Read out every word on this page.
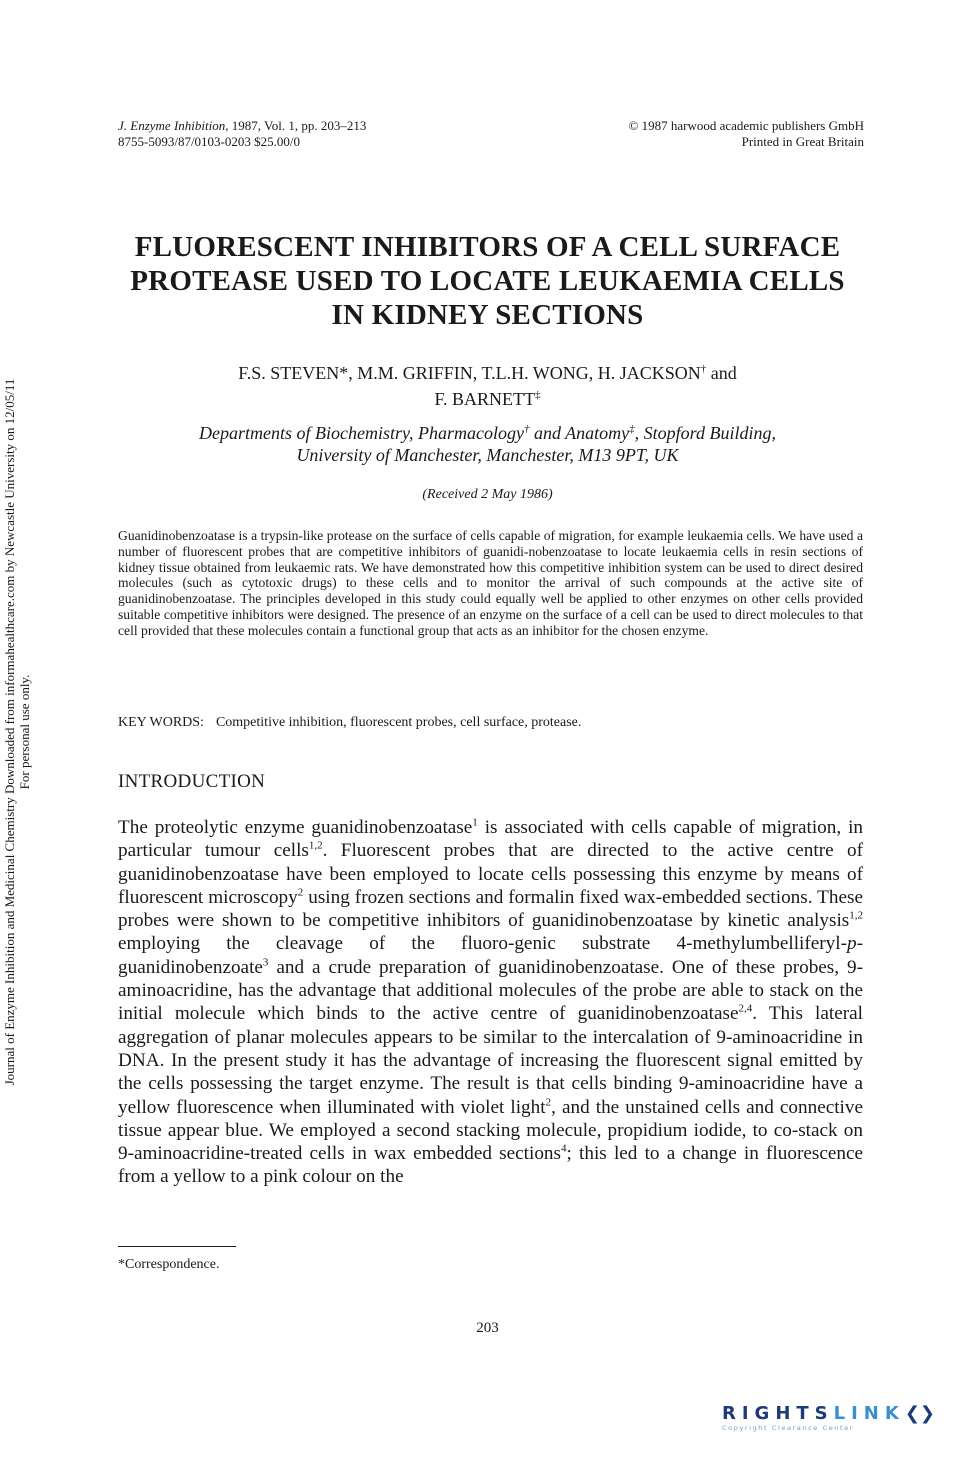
J. Enzyme Inhibition, 1987, Vol. 1, pp. 203–213
8755-5093/87/0103-0203 $25.00/0
© 1987 harwood academic publishers GmbH
Printed in Great Britain
Journal of Enzyme Inhibition and Medicinal Chemistry Downloaded from informahealthcare.com by Newcastle University on 12/05/11 For personal use only.
FLUORESCENT INHIBITORS OF A CELL SURFACE
PROTEASE USED TO LOCATE LEUKAEMIA CELLS
IN KIDNEY SECTIONS
F.S. STEVEN*, M.M. GRIFFIN, T.L.H. WONG, H. JACKSON† and
F. BARNETT‡
Departments of Biochemistry, Pharmacology† and Anatomy‡, Stopford Building,
University of Manchester, Manchester, M13 9PT, UK
(Received 2 May 1986)
Guanidinobenzoatase is a trypsin-like protease on the surface of cells capable of migration, for example leukaemia cells. We have used a number of fluorescent probes that are competitive inhibitors of guanidi-nobenzoatase to locate leukaemia cells in resin sections of kidney tissue obtained from leukaemic rats. We have demonstrated how this competitive inhibition system can be used to direct desired molecules (such as cytotoxic drugs) to these cells and to monitor the arrival of such compounds at the active site of guanidinobenzoatase. The principles developed in this study could equally well be applied to other enzymes on other cells provided suitable competitive inhibitors were designed. The presence of an enzyme on the surface of a cell can be used to direct molecules to that cell provided that these molecules contain a functional group that acts as an inhibitor for the chosen enzyme.
KEY WORDS: Competitive inhibition, fluorescent probes, cell surface, protease.
INTRODUCTION
The proteolytic enzyme guanidinobenzoatase$^1$ is associated with cells capable of migration, in particular tumour cells$^{1,2}$. Fluorescent probes that are directed to the active centre of guanidinobenzoatase have been employed to locate cells possessing this enzyme by means of fluorescent microscopy$^2$ using frozen sections and formalin fixed wax-embedded sections. These probes were shown to be competitive inhibitors of guanidinobenzoatase by kinetic analysis$^{1,2}$ employing the cleavage of the fluoro-genic substrate 4-methylumbelliferyl-p-guanidinobenzoate$^3$ and a crude preparation of guanidinobenzoatase. One of these probes, 9-aminoacridine, has the advantage that additional molecules of the probe are able to stack on the initial molecule which binds to the active centre of guanidinobenzoatase$^{2,4}$. This lateral aggregation of planar molecules appears to be similar to the intercalation of 9-aminoacridine in DNA. In the present study it has the advantage of increasing the fluorescent signal emitted by the cells possessing the target enzyme. The result is that cells binding 9-aminoacridine have a yellow fluorescence when illuminated with violet light$^2$, and the unstained cells and connective tissue appear blue. We employed a second stacking molecule, propidium iodide, to co-stack on 9-aminoacridine-treated cells in wax embedded sections$^4$; this led to a change in fluorescence from a yellow to a pink colour on the
*Correspondence.
203
RIGHTSLINK❮❯
Copyright Clearance Center
